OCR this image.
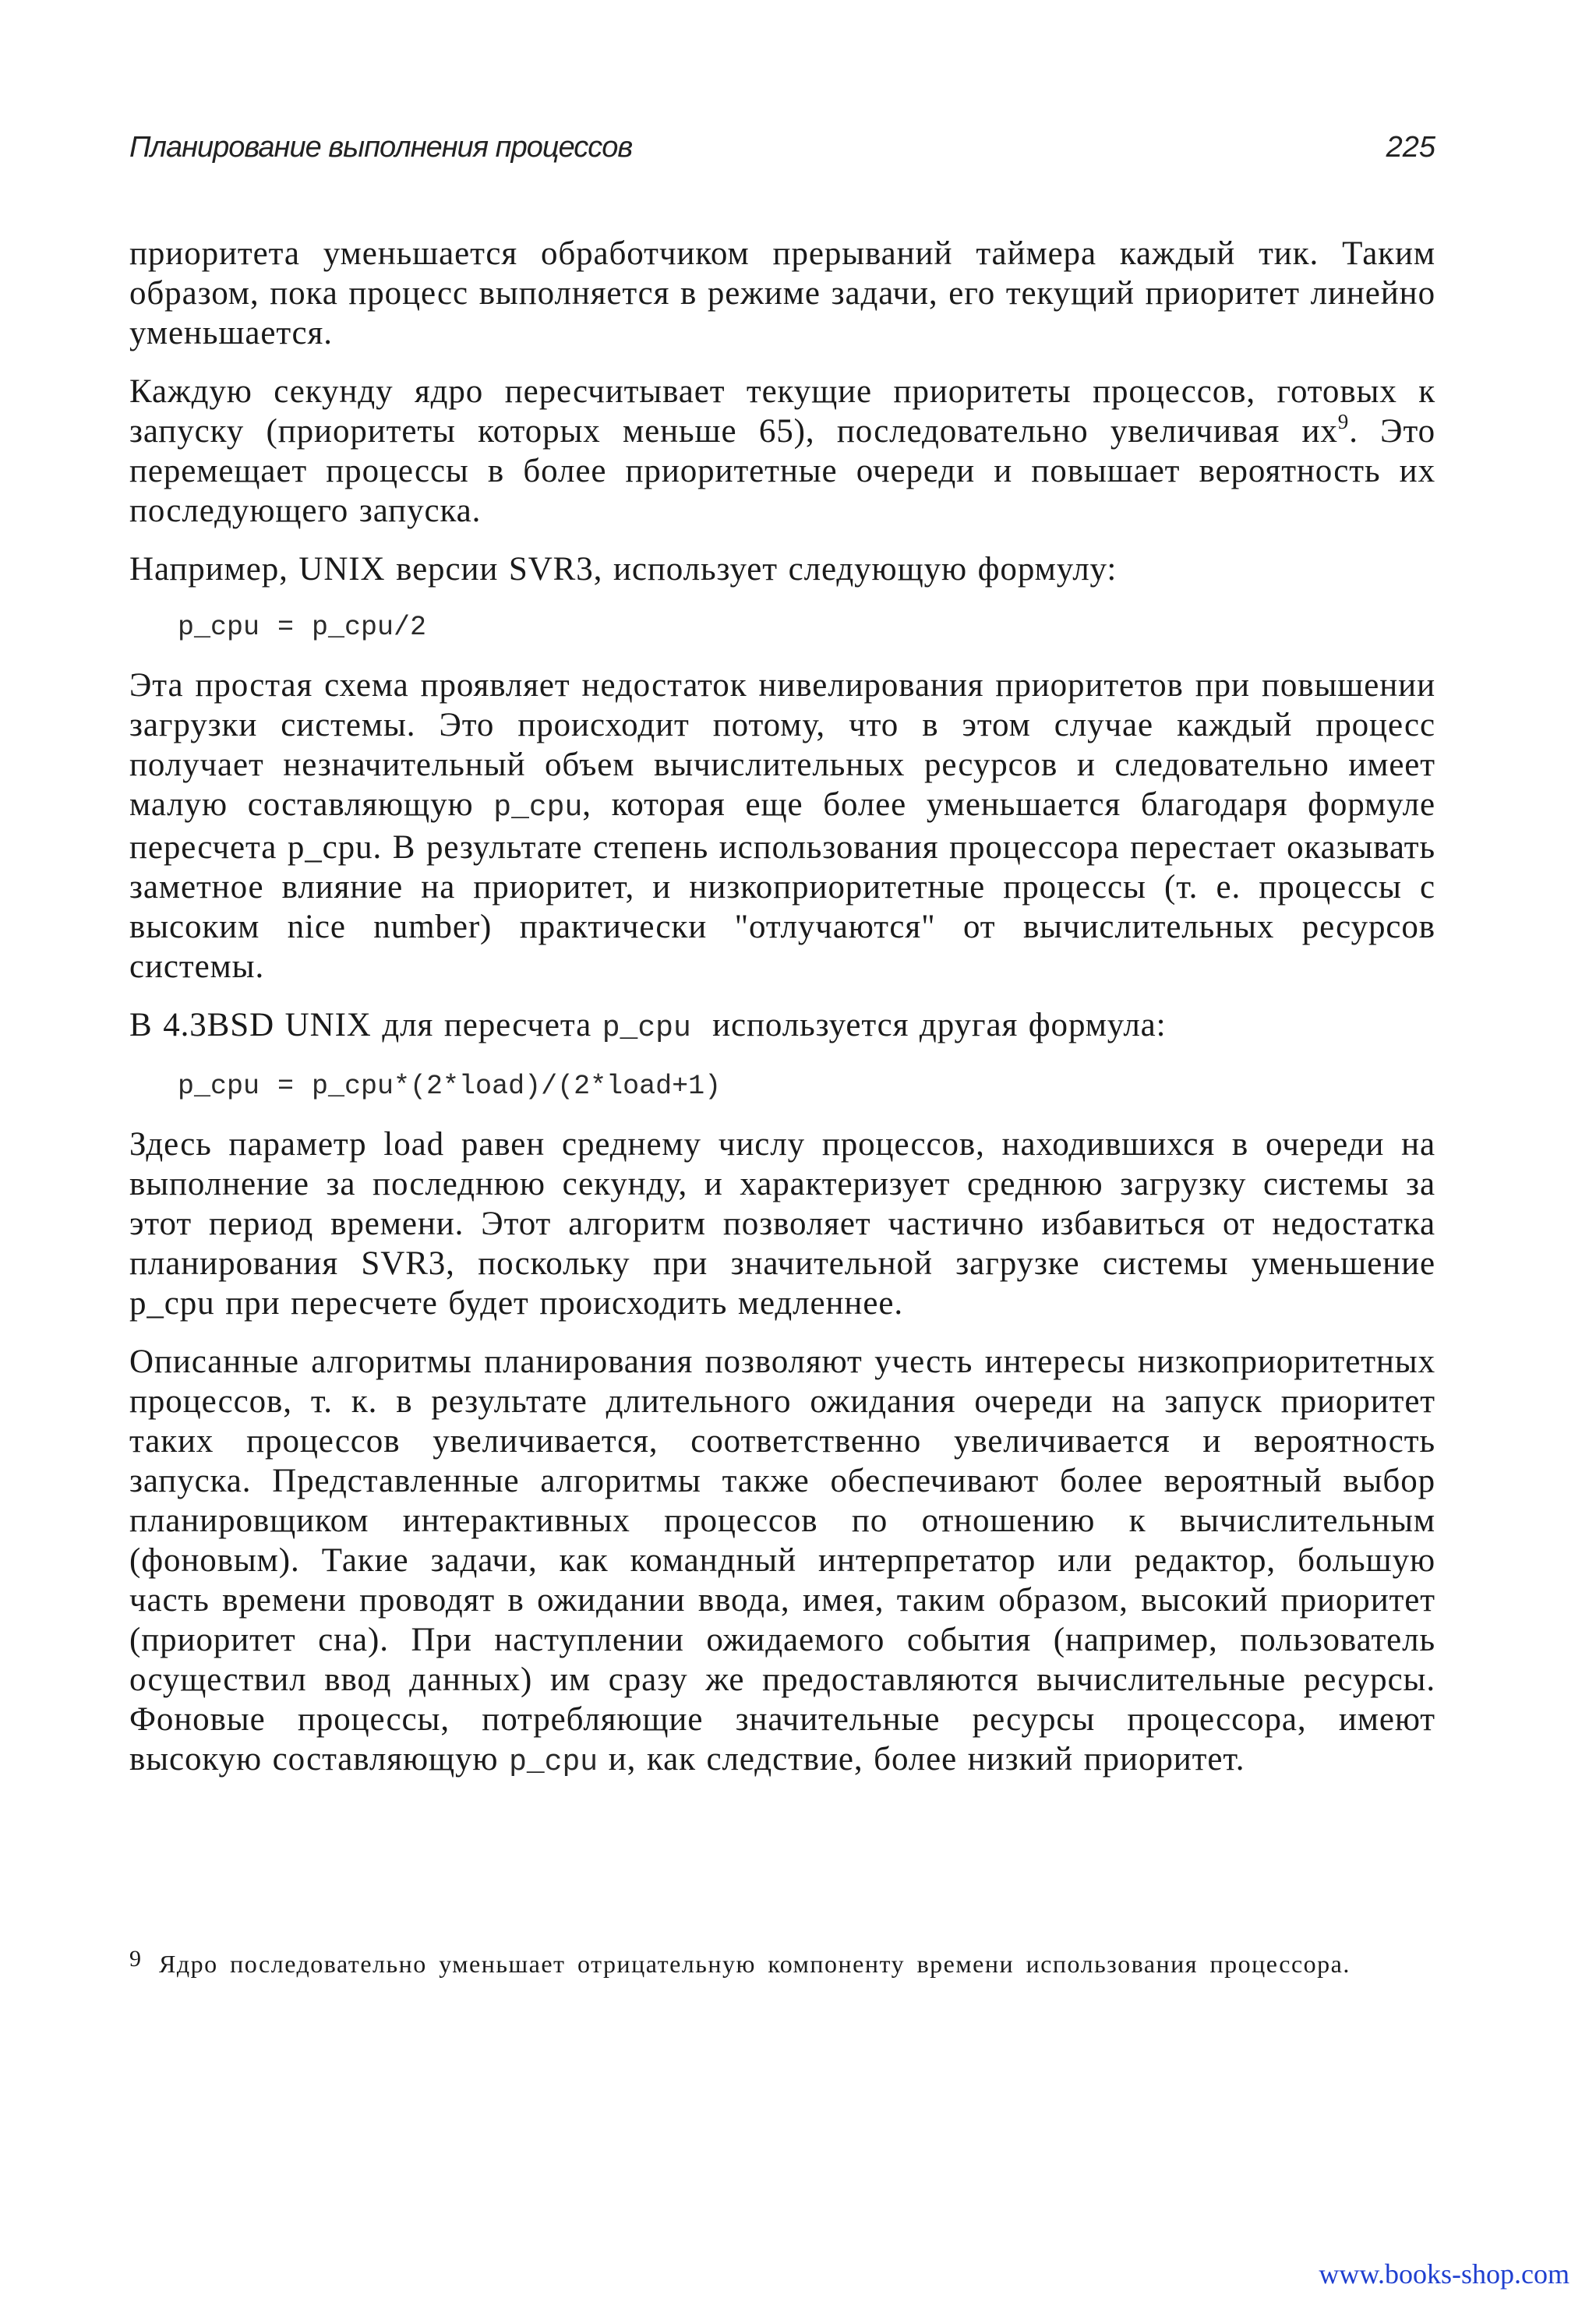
Планирование выполнения процессов	225

приоритета уменьшается обработчиком прерываний таймера каждый тик. Таким образом, пока процесс выполняется в режиме задачи, его текущий приоритет линейно уменьшается.

Каждую секунду ядро пересчитывает текущие приоритеты процессов, готовых к запуску (приоритеты которых меньше 65), последовательно увеличивая $их^9$. Это перемещает процессы в более приоритетные очереди и повышает вероятность их последующего запуска.

Например, UNIX версии SVR3, использует следующую формулу:

p_cpu = p_cpu/2

Эта простая схема проявляет недостаток нивелирования приоритетов при повышении загрузки системы. Это происходит потому, что в этом случае каждый процесс получает незначительный объем вычислительных ресурсов и следовательно имеет малую составляющую p_cpu, которая еще более уменьшается благодаря формуле пересчета p_cpu. В результате степень использования процессора перестает оказывать заметное влияние на приоритет, и низкоприоритетные процессы (т. е. процессы с высоким nice number) практически "отлучаются" от вычислительных ресурсов системы.

В 4.3BSD UNIX для пересчета p_cpu используется другая формула:

p_cpu = p_cpu*(2*load)/(2*load+1)

Здесь параметр load равен среднему числу процессов, находившихся в очереди на выполнение за последнюю секунду, и характеризует среднюю загрузку системы за этот период времени. Этот алгоритм позволяет частично избавиться от недостатка планирования SVR3, поскольку при значительной загрузке системы уменьшение p_cpu при пересчете будет происходить медленнее.

Описанные алгоритмы планирования позволяют учесть интересы низкоприоритетных процессов, т. к. в результате длительного ожидания очереди на запуск приоритет таких процессов увеличивается, соответственно увеличивается и вероятность запуска. Представленные алгоритмы также обеспечивают более вероятный выбор планировщиком интерактивных процессов по отношению к вычислительным (фоновым). Такие задачи, как командный интерпретатор или редактор, большую часть времени проводят в ожидании ввода, имея, таким образом, высокий приоритет (приоритет сна). При наступлении ожидаемого события (например, пользователь осуществил ввод данных) им сразу же предоставляются вычислительные ресурсы. Фоновые процессы, потребляющие значительные ресурсы процессора, имеют высокую составляющую p_cpu и, как следствие, более низкий приоритет.

9 Ядро последовательно уменьшает отрицательную компоненту времени использования процессора.
www.books-shop.com
